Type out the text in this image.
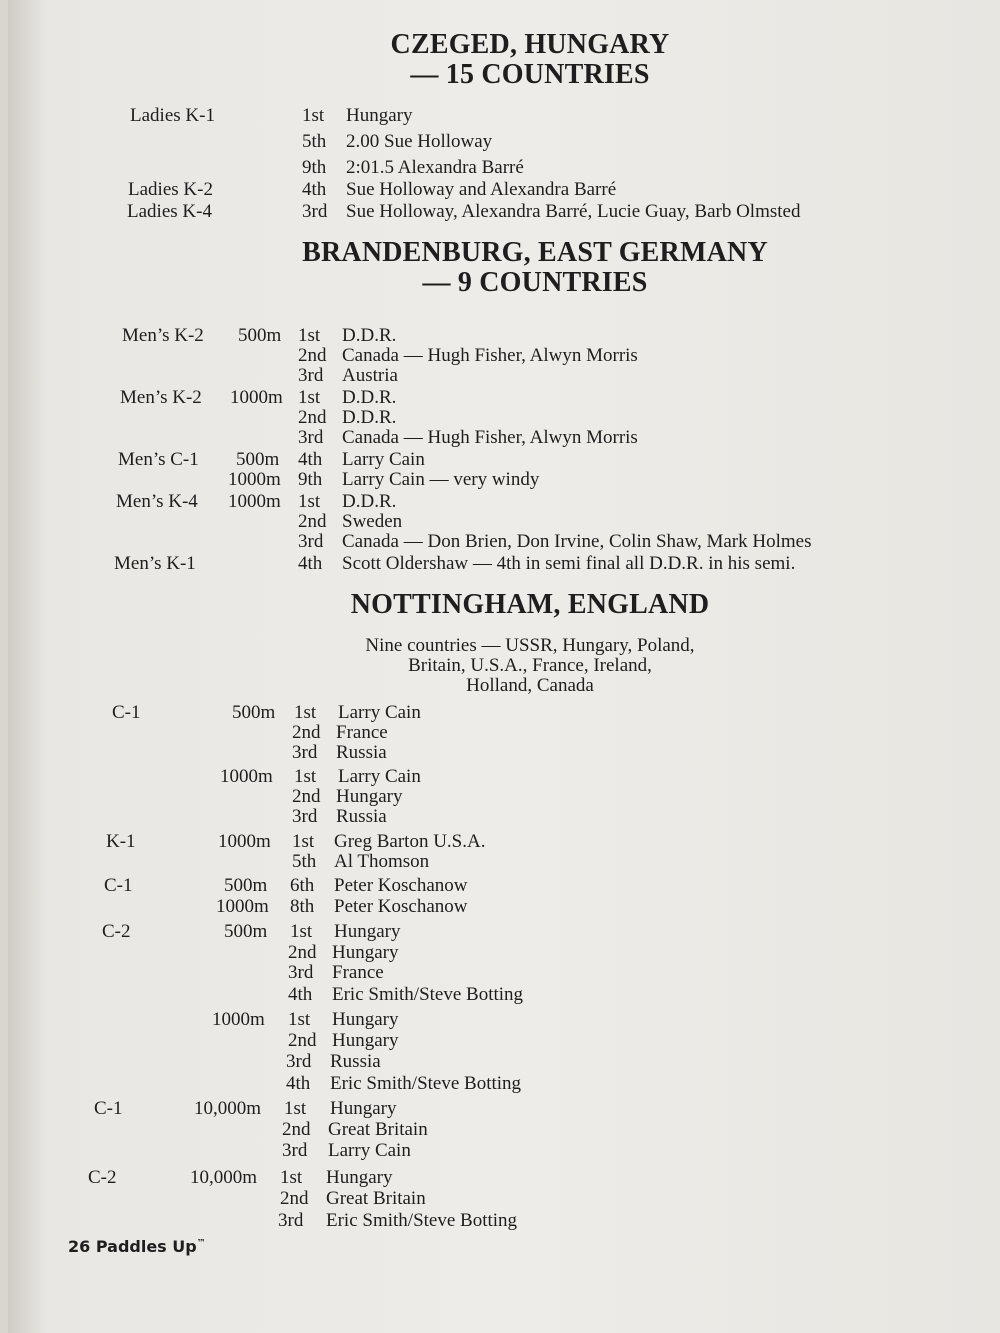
CZEGED, HUNGARY
— 15 COUNTRIES
BRANDENBURG, EAST GERMANY
— 9 COUNTRIES
NOTTINGHAM, ENGLAND
Nine countries — USSR, Hungary, Poland,
Britain, U.S.A., France, Ireland,
Holland, Canada
Ladies K-1	1st Hungary
5th 2.00 Sue Holloway
9th 2:01.5 Alexandra Barré
Ladies K-2	4th Sue Holloway and Alexandra Barré
Ladies K-4	3rd Sue Holloway, Alexandra Barré, Lucie Guay, Barb Olmsted
Men’s K-2 500m 1st D.D.R.
2nd Canada — Hugh Fisher, Alwyn Morris
3rd Austria
Men’s K-2 1000m 1st D.D.R.
2nd D.D.R.
3rd Canada — Hugh Fisher, Alwyn Morris
Men’s C-1 500m 4th Larry Cain
1000m 9th Larry Cain — very windy
Men’s K-4 1000m 1st D.D.R.
2nd Sweden
3rd Canada — Don Brien, Don Irvine, Colin Shaw, Mark Holmes
Men’s K-1	4th Scott Oldershaw — 4th in semi final all D.D.R. in his semi.
C-1	500m 1st Larry Cain
2nd France
3rd Russia
1000m 1st Larry Cain
2nd Hungary
3rd Russia
K-1	1000m 1st Greg Barton U.S.A.
5th Al Thomson
C-1	500m 6th Peter Koschanow
1000m 8th Peter Koschanow
C-2	500m 1st Hungary
2nd Hungary
3rd France
4th Eric Smith/Steve Botting
1000m 1st Hungary
2nd Hungary
3rd Russia
4th Eric Smith/Steve Botting
C-1	10,000m 1st Hungary
2nd Great Britain
3rd Larry Cain
C-2	10,000m 1st Hungary
2nd Great Britain
3rd Eric Smith/Steve Botting
26 Paddles Up™
